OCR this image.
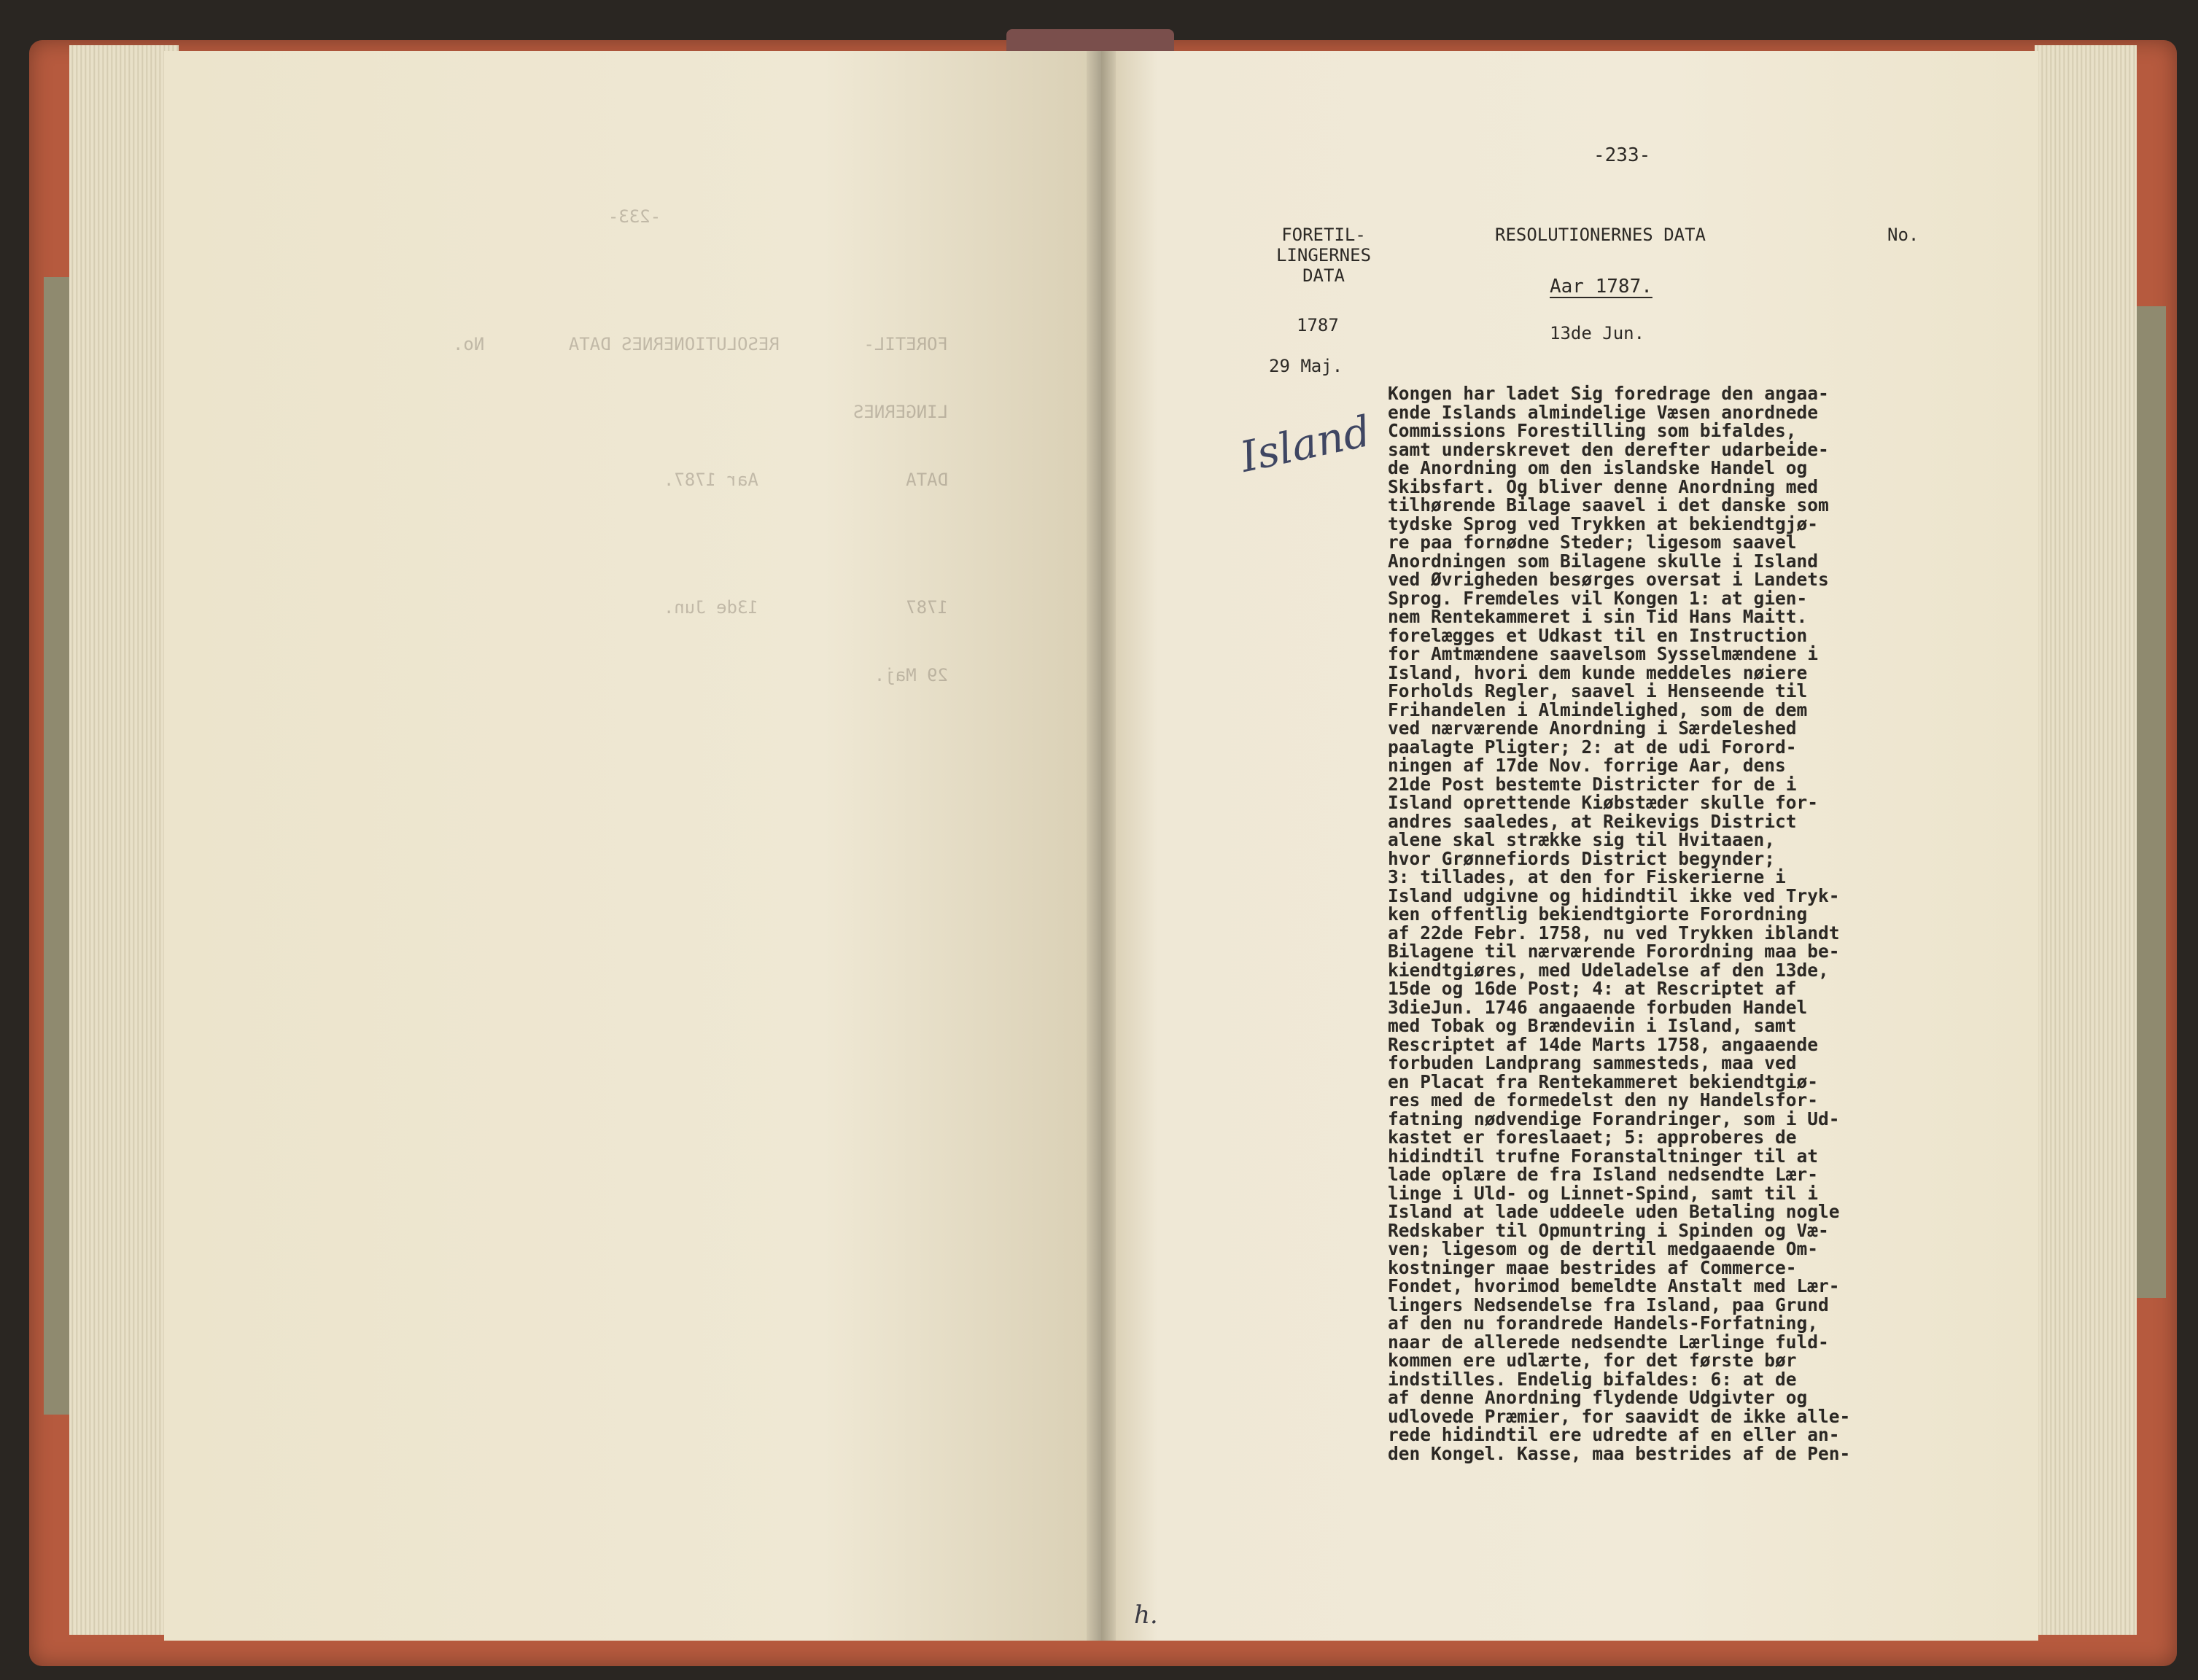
-233-

FORETIL-        RESOLUTIONERNES DATA        No.

LINGERNES

DATA              Aar 1787.

1787              13de Jun.

29 Maj.

-233-
FORETIL-
LINGERNES
DATA
RESOLUTIONERNES DATA	No.
Aar 1787.
1787
29 Maj.
13de Jun.
Island
Kongen har ladet Sig foredrage den angaa-
ende Islands almindelige Væsen anordnede
Commissions Forestilling som bifaldes,
samt underskrevet den derefter udarbeide-
de Anordning om den islandske Handel og
Skibsfart. Og bliver denne Anordning med
tilhørende Bilage saavel i det danske som
tydske Sprog ved Trykken at bekiendtgjø-
re paa fornødne Steder; ligesom saavel
Anordningen som Bilagene skulle i Island
ved Øvrigheden besørges oversat i Landets
Sprog. Fremdeles vil Kongen 1: at gien-
nem Rentekammeret i sin Tid Hans Maitt.
forelægges et Udkast til en Instruction
for Amtmændene saavelsom Sysselmændene i
Island, hvori dem kunde meddeles nøiere
Forholds Regler, saavel i Henseende til
Frihandelen i Almindelighed, som de dem
ved nærværende Anordning i Særdeleshed
paalagte Pligter; 2: at de udi Forord-
ningen af 17de Nov. forrige Aar, dens
21de Post bestemte Districter for de i
Island oprettende Kiøbstæder skulle for-
andres saaledes, at Reikevigs District
alene skal strække sig til Hvitaaen,
hvor Grønnefiords District begynder;
3: tillades, at den for Fiskerierne i
Island udgivne og hidindtil ikke ved Tryk-
ken offentlig bekiendtgiorte Forordning
af 22de Febr. 1758, nu ved Trykken iblandt
Bilagene til nærværende Forordning maa be-
kiendtgiøres, med Udeladelse af den 13de,
15de og 16de Post; 4: at Rescriptet af
3dieJun. 1746 angaaende forbuden Handel
med Tobak og Brændeviin i Island, samt
Rescriptet af 14de Marts 1758, angaaende
forbuden Landprang sammesteds, maa ved
en Placat fra Rentekammeret bekiendtgiø-
res med de formedelst den ny Handelsfor-
fatning nødvendige Forandringer, som i Ud-
kastet er foreslaaet; 5: approberes de
hidindtil trufne Foranstaltninger til at
lade oplære de fra Island nedsendte Lær-
linge i Uld- og Linnet-Spind, samt til i
Island at lade uddeele uden Betaling nogle
Redskaber til Opmuntring i Spinden og Væ-
ven; ligesom og de dertil medgaaende Om-
kostninger maae bestrides af Commerce-
Fondet, hvorimod bemeldte Anstalt med Lær-
lingers Nedsendelse fra Island, paa Grund
af den nu forandrede Handels-Forfatning,
naar de allerede nedsendte Lærlinge fuld-
kommen ere udlærte, for det første bør
indstilles. Endelig bifaldes: 6: at de
af denne Anordning flydende Udgivter og
udlovede Præmier, for saavidt de ikke alle-
rede hidindtil ere udredte af en eller an-
den Kongel. Kasse, maa bestrides af de Pen-
h.
